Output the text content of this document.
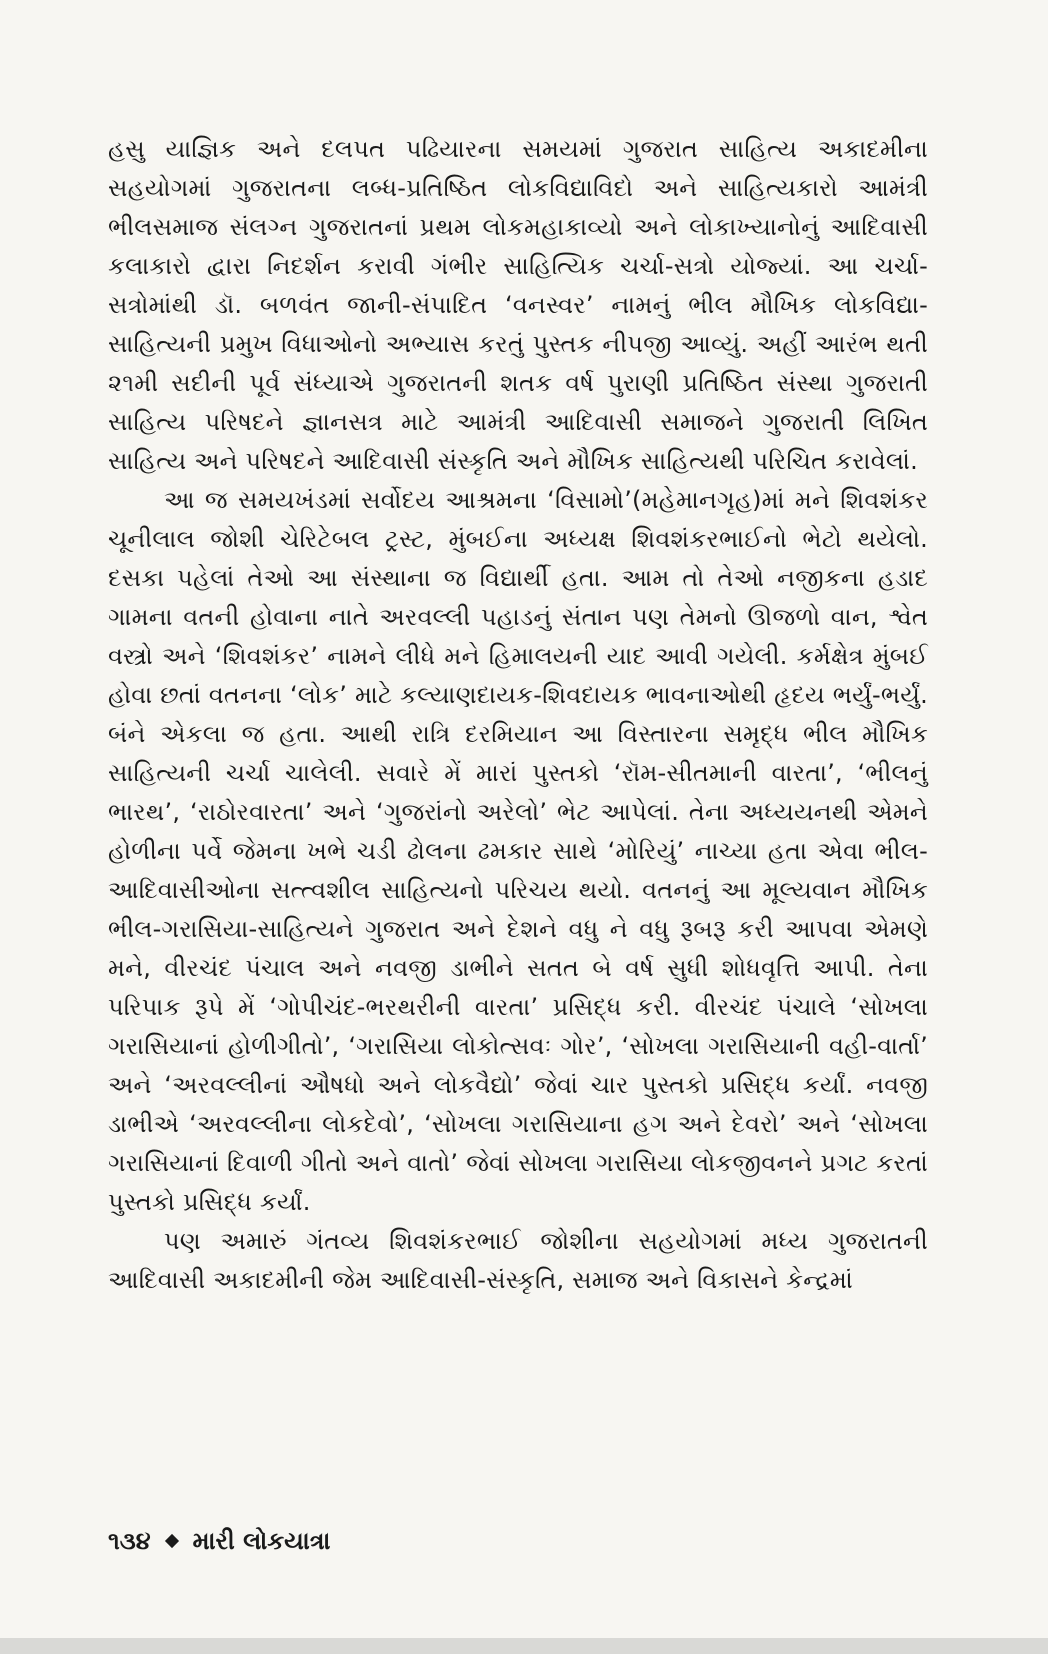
હસુ યાજ્ઞિક અને દલપત પઢિયારના સમયમાં ગુજરાત સાહિત્ય અકાદમીના સહયોગમાં ગુજરાતના લબ્ધ-પ્રતિષ્ઠિત લોકવિદ્યાવિદો અને સાહિત્યકારો આમંત્રી ભીલસમાજ સંલગ્ન ગુજરાતનાં પ્રથમ લોકમહાકાવ્યો અને લોકાખ્યાનોનું આદિવાસી કલાકારો દ્વારા નિદર્શન કરાવી ગંભીર સાહિત્યિક ચર્ચા-સત્રો યોજ્યાં. આ ચર્ચા-સત્રોમાંથી ડૉ. બળવંત જાની-સંપાદિત ‘વનસ્વર’ નામનું ભીલ મૌખિક લોકવિદ્યા-સાહિત્યની પ્રમુખ વિધાઓનો અભ્યાસ કરતું પુસ્તક નીપજી આવ્યું. અહીં આરંભ થતી ૨૧મી સદીની પૂર્વ સંધ્યાએ ગુજરાતની શતક વર્ષ પુરાણી પ્રતિષ્ઠિત સંસ્થા ગુજરાતી સાહિત્ય પરિષદને જ્ઞાનસત્ર માટે આમંત્રી આદિવાસી સમાજને ગુજરાતી લિખિત સાહિત્ય અને પરિષદને આદિવાસી સંસ્કૃતિ અને મૌખિક સાહિત્યથી પરિચિત કરાવેલાં.

આ જ સમયખંડમાં સર્વોદય આશ્રમના ‘વિસામો’(મહેમાનગૃહ)માં મને શિવશંકર ચૂનીલાલ જોશી ચેરિટેબલ ટ્રસ્ટ, મુંબઈના અધ્યક્ષ શિવશંકરભાઈનો ભેટો થયેલો. દસકા પહેલાં તેઓ આ સંસ્થાના જ વિદ્યાર્થી હતા. આમ તો તેઓ નજીકના હડાદ ગામના વતની હોવાના નાતે અરવલ્લી પહાડનું સંતાન પણ તેમનો ઊજળો વાન, શ્વેત વસ્ત્રો અને ‘શિવશંકર’ નામને લીધે મને હિમાલયની યાદ આવી ગયેલી. કર્મક્ષેત્ર મુંબઈ હોવા છતાં વતનના ‘લોક’ માટે કલ્યાણદાયક-શિવદાયક ભાવનાઓથી હૃદય ભર્યું-ભર્યું. બંને એકલા જ હતા. આથી રાત્રિ દરમિયાન આ વિસ્તારના સમૃદ્ધ ભીલ મૌખિક સાહિત્યની ચર્ચા ચાલેલી. સવારે મેં મારાં પુસ્તકો ‘રૉમ-સીતમાની વારતા’, ‘ભીલનું ભારથ’, ‘રાઠોરવારતા’ અને ‘ગુજરાંનો અરેલો’ ભેટ આપેલાં. તેના અધ્યયનથી એમને હોળીના પર્વે જેમના ખભે ચડી ઢોલના ઢમકાર સાથે ‘મોરિયું’ નાચ્યા હતા એવા ભીલ-આદિવાસીઓના સત્ત્વશીલ સાહિત્યનો પરિચય થયો. વતનનું આ મૂલ્યવાન મૌખિક ભીલ-ગરાસિયા-સાહિત્યને ગુજરાત અને દેશને વધુ ને વધુ રૂબરૂ કરી આપવા એમણે મને, વીરચંદ પંચાલ અને નવજી ડાભીને સતત બે વર્ષ સુધી શોધવૃત્તિ આપી. તેના પરિપાક રૂપે મેં ‘ગોપીચંદ-ભરથરીની વારતા’ પ્રસિદ્ધ કરી. વીરચંદ પંચાલે ‘સોખલા ગરાસિયાનાં હોળીગીતો’, ‘ગરાસિયા લોકોત્સવઃ ગોર’, ‘સોખલા ગરાસિયાની વહી-વાર્તા’ અને ‘અરવલ્લીનાં ઔષધો અને લોકવૈદ્યો’ જેવાં ચાર પુસ્તકો પ્રસિદ્ધ કર્યાં. નવજી ડાભીએ ‘અરવલ્લીના લોકદેવો’, ‘સોખલા ગરાસિયાના હગ અને દેવરો’ અને ‘સોખલા ગરાસિયાનાં દિવાળી ગીતો અને વાતો’ જેવાં સોખલા ગરાસિયા લોકજીવનને પ્રગટ કરતાં પુસ્તકો પ્રસિદ્ધ કર્યાં.

પણ અમારું ગંતવ્ય શિવશંકરભાઈ જોશીના સહયોગમાં મધ્ય ગુજરાતની આદિવાસી અકાદમીની જેમ આદિવાસી-સંસ્કૃતિ, સમાજ અને વિકાસને કેન્દ્રમાં

૧૩૪ મારી લોકયાત્રા
